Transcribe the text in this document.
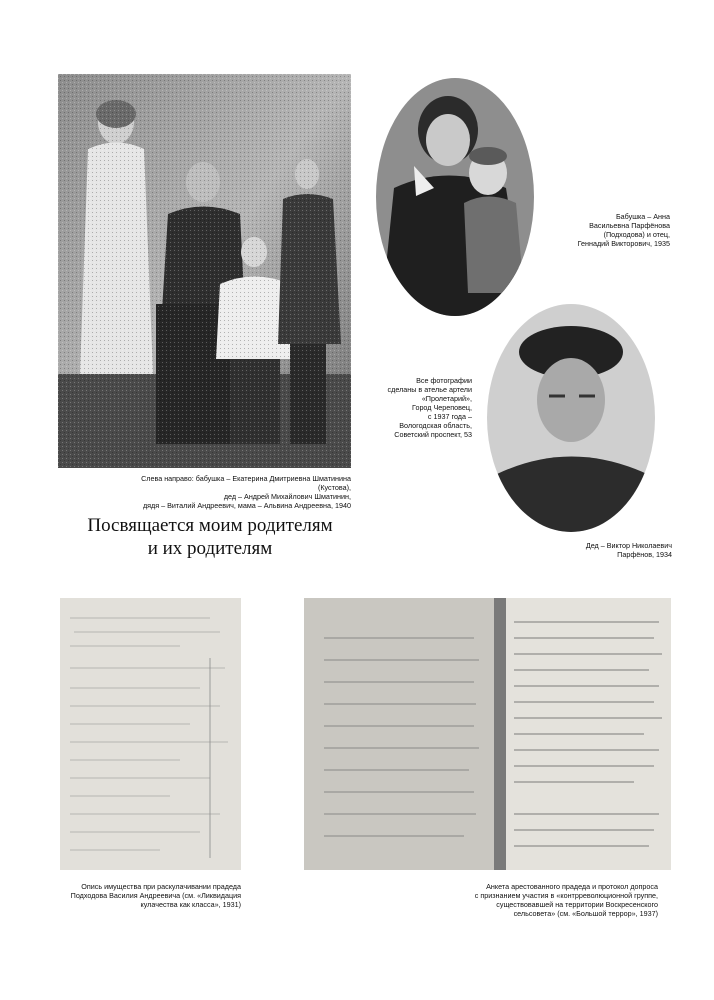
Слева направо: бабушка – Екатерина Дмитриевна Шматинина (Кустова),
дед – Андрей Михайлович Шматинин,
дядя – Виталий Андреевич, мама – Альвина Андреевна, 1940
Бабушка – Анна
Васильевна Парфёнова
(Подходова) и отец,
Геннадий Викторович, 1935
Все фотографии
сделаны в ателье артели
«Пролетарий»,
Город Череповец,
с 1937 года –
Вологодская область,
Советский проспект, 53
Дед – Виктор Николаевич
Парфёнов, 1934
Посвящается моим родителям
и их родителям
Опись имущества при раскулачивании прадеда
Подходова Василия Андреевича (см. «Ликвидация
кулачества как класса», 1931)
Анкета арестованного прадеда и протокол допроса
с признанием участия в «контрреволюционной группе,
существовавшей на территории Воскресенского
сельсовета» (см. «Большой террор», 1937)
